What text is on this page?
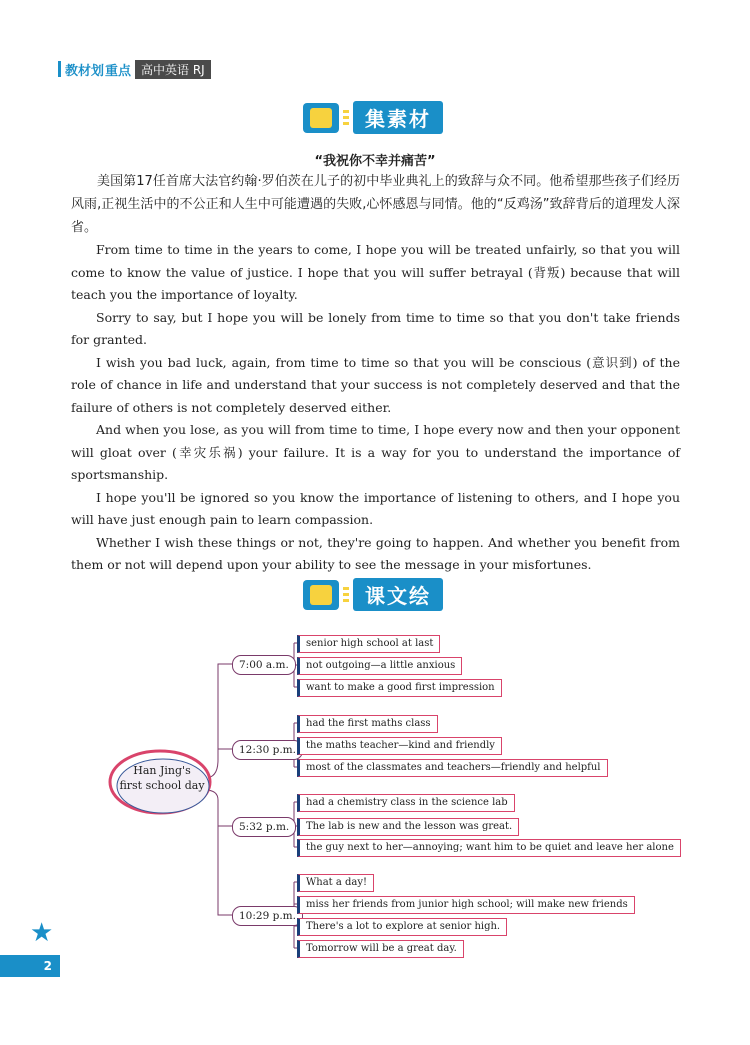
教材划 重点 高中英语 RJ
集素材
“我祝你不幸并痛苦”

美国第17任首席大法官约翰·罗伯茨在儿子的初中毕业典礼上的致辞与众不同。他希望那些孩子们经历风雨,正视生活中的不公正和人生中可能遭遇的失败,心怀感恩与同情。他的“反鸡汤”致辞背后的道理发人深省。

From time to time in the years to come, I hope you will be treated unfairly, so that you will come to know the value of justice. I hope that you will suffer betrayal (背叛) because that will teach you the importance of loyalty.

Sorry to say, but I hope you will be lonely from time to time so that you don't take friends for granted.

I wish you bad luck, again, from time to time so that you will be conscious (意识到) of the role of chance in life and understand that your success is not completely deserved and that the failure of others is not completely deserved either.

And when you lose, as you will from time to time, I hope every now and then your opponent will gloat over (幸灾乐祸) your failure. It is a way for you to understand the importance of sportsmanship.

I hope you'll be ignored so you know the importance of listening to others, and I hope you will have just enough pain to learn compassion.

Whether I wish these things or not, they're going to happen. And whether you benefit from them or not will depend upon your ability to see the message in your misfortunes.

课文绘
Han Jing's
first school day
7:00 a.m.
senior high school at last
not outgoing—a little anxious
want to make a good first impression
12:30 p.m.
had the first maths class
the maths teacher—kind and friendly
most of the classmates and teachers—friendly and helpful
5:32 p.m.
had a chemistry class in the science lab
The lab is new and the lesson was great.
the guy next to her—annoying; want him to be quiet and leave her alone
10:29 p.m.
What a day!
miss her friends from junior high school; will make new friends
There's a lot to explore at senior high.
Tomorrow will be a great day.
★
2
